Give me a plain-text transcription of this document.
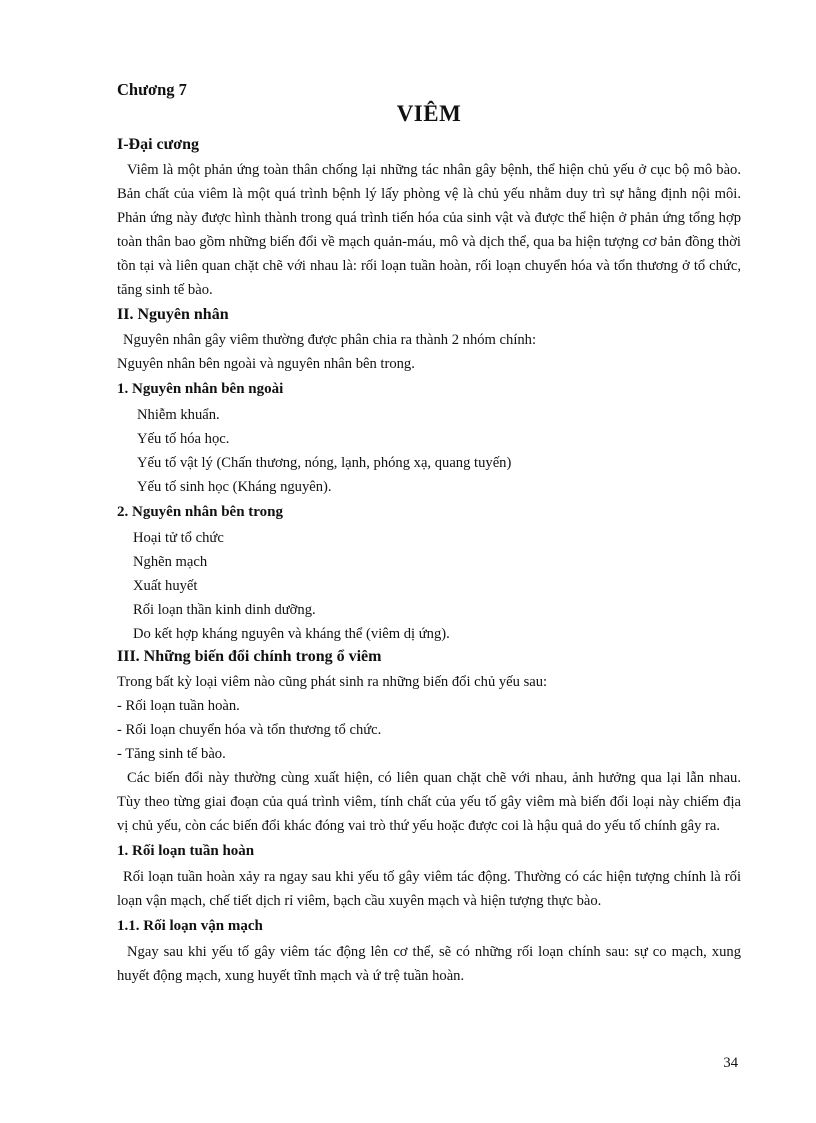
Chương 7

VIÊM
I-Đại cương

Viêm là một phản ứng toàn thân chống lại những tác nhân gây bệnh, thể hiện chủ yếu ở cục bộ mô bào. Bản chất của viêm là một quá trình bệnh lý lấy phòng vệ là chủ yếu nhằm duy trì sự hằng định nội môi. Phản ứng này được hình thành trong quá trình tiến hóa của sinh vật và được thể hiện ở phản ứng tổng hợp toàn thân bao gồm những biến đổi về mạch quản-máu, mô và dịch thể, qua ba hiện tượng cơ bản đồng thời tồn tại và liên quan chặt chẽ với nhau là: rối loạn tuần hoàn, rối loạn chuyển hóa và tổn thương ở tổ chức, tăng sinh tế bào.

II. Nguyên nhân

Nguyên nhân gây viêm thường được phân chia ra thành 2 nhóm chính:

Nguyên nhân bên ngoài và nguyên nhân bên trong.

1. Nguyên nhân bên ngoài

Nhiễm khuẩn.

Yếu tố hóa học.

Yếu tố vật lý (Chấn thương, nóng, lạnh, phóng xạ, quang tuyến)

Yếu tố sinh học (Kháng nguyên).

2. Nguyên nhân bên trong

Hoại tử tổ chức

Nghẽn mạch

Xuất huyết

Rối loạn thần kinh dinh dưỡng.

Do kết hợp kháng nguyên và kháng thể (viêm dị ứng).

III. Những biến đổi chính trong ổ viêm

Trong bất kỳ loại viêm nào cũng phát sinh ra những biến đổi chủ yếu sau:

- Rối loạn tuần hoàn.

- Rối loạn chuyển hóa và tổn thương tổ chức.

- Tăng sinh tế bào.

Các biến đổi này thường cùng xuất hiện, có liên quan chặt chẽ với nhau, ảnh hưởng qua lại lẫn nhau. Tùy theo từng giai đoạn của quá trình viêm, tính chất của yếu tố gây viêm mà biến đổi loại này chiếm địa vị chủ yếu, còn các biến đổi khác đóng vai trò thứ yếu hoặc được coi là hậu quả do yếu tố chính gây ra.

1. Rối loạn tuần hoàn

Rối loạn tuần hoàn xảy ra ngay sau khi yếu tố gây viêm tác động. Thường có các hiện tượng chính là rối loạn vận mạch, chế tiết dịch rỉ viêm, bạch cầu xuyên mạch và hiện tượng thực bào.

1.1. Rối loạn vận mạch

Ngay sau khi yếu tố gây viêm tác động lên cơ thể, sẽ có những rối loạn chính sau: sự co mạch, xung huyết động mạch, xung huyết tĩnh mạch và ứ trệ tuần hoàn.

34
